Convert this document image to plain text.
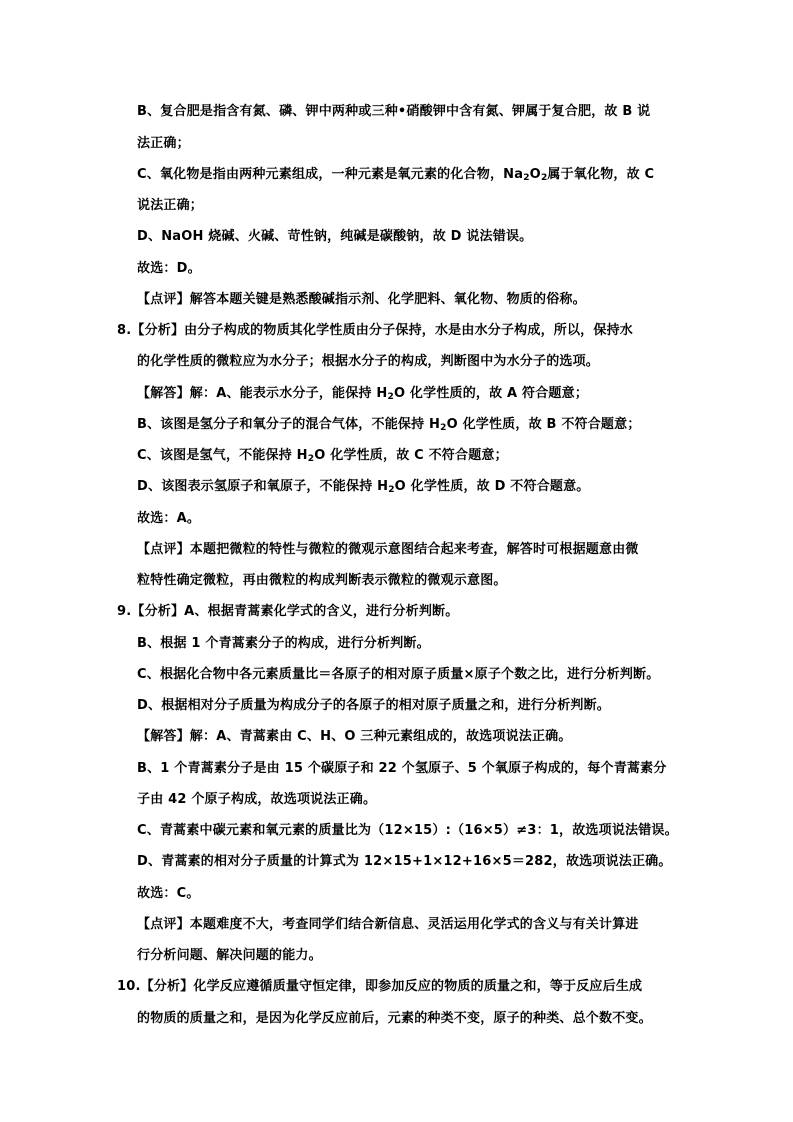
B、复合肥是指含有氮、磷、钾中两种或三种•硝酸钾中含有氮、钾属于复合肥，故 B 说
法正确；
C、氧化物是指由两种元素组成，一种元素是氧元素的化合物，$Na_2O_2$属于氧化物，故 C
说法正确；
D、NaOH 烧碱、火碱、苛性钠，纯碱是碳酸钠，故 D 说法错误。
故选：D。
【点评】解答本题关键是熟悉酸碱指示剂、化学肥料、氧化物、物质的俗称。
8.【分析】由分子构成的物质其化学性质由分子保持，水是由水分子构成，所以，保持水
的化学性质的微粒应为水分子；根据水分子的构成，判断图中为水分子的选项。
【解答】解：A、能表示水分子，能保持 $H_2O$ 化学性质的，故 A 符合题意；
B、该图是氢分子和氧分子的混合气体，不能保持 $H_2O$ 化学性质，故 B 不符合题意；
C、该图是氢气，不能保持 $H_2O$ 化学性质，故 C 不符合题意；
D、该图表示氢原子和氧原子，不能保持 $H_2O$ 化学性质，故 D 不符合题意。
故选：A。
【点评】本题把微粒的特性与微粒的微观示意图结合起来考查，解答时可根据题意由微
粒特性确定微粒，再由微粒的构成判断表示微粒的微观示意图。
9.【分析】A、根据青蒿素化学式的含义，进行分析判断。
B、根据 1 个青蒿素分子的构成，进行分析判断。
C、根据化合物中各元素质量比＝各原子的相对原子质量×原子个数之比，进行分析判断。
D、根据相对分子质量为构成分子的各原子的相对原子质量之和，进行分析判断。
【解答】解：A、青蒿素由 C、H、O 三种元素组成的，故选项说法正确。
B、1 个青蒿素分子是由 15 个碳原子和 22 个氢原子、5 个氧原子构成的，每个青蒿素分
子由 42 个原子构成，故选项说法正确。
C、青蒿素中碳元素和氧元素的质量比为（12×15）:（16×5）≠3：1，故选项说法错误。
D、青蒿素的相对分子质量的计算式为 12×15+1×12+16×5＝282，故选项说法正确。
故选：C。
【点评】本题难度不大，考查同学们结合新信息、灵活运用化学式的含义与有关计算进
行分析问题、解决问题的能力。
10.【分析】化学反应遵循质量守恒定律，即参加反应的物质的质量之和，等于反应后生成
的物质的质量之和，是因为化学反应前后，元素的种类不变，原子的种类、总个数不变。
